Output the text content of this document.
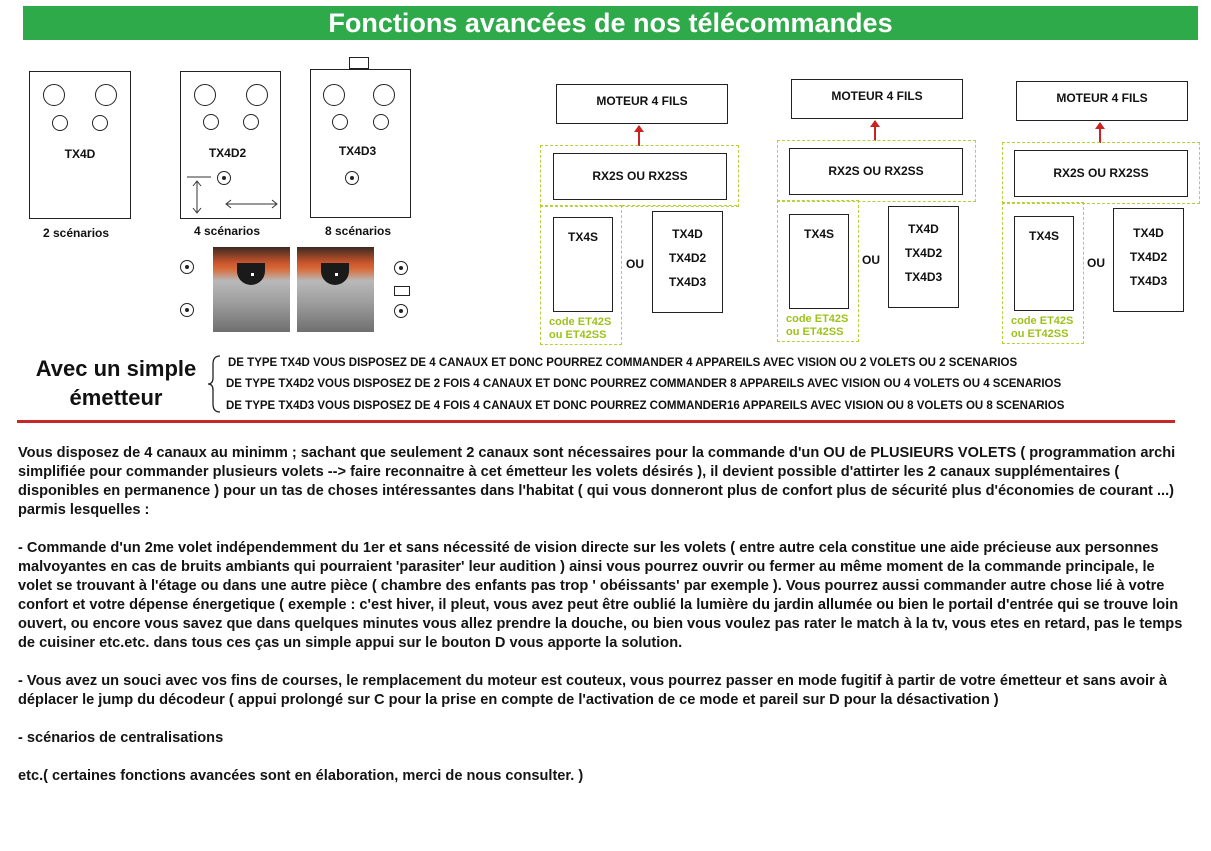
Fonctions avancées de nos télécommandes
TX4D
2 scénarios
TX4D2
4 scénarios
TX4D3
8 scénarios
MOTEUR 4 FILS
RX2S OU RX2SS
TX4S
code ET42S
ou ET42SS
OU
TX4D
TX4D2
TX4D3
MOTEUR 4 FILS
RX2S OU RX2SS
TX4S
code ET42S
ou ET42SS
OU
TX4D
TX4D2
TX4D3
MOTEUR 4 FILS
RX2S OU RX2SS
TX4S
code ET42S
ou ET42SS
OU
TX4D
TX4D2
TX4D3
Avec un simple
émetteur
DE TYPE TX4D VOUS DISPOSEZ DE 4 CANAUX ET DONC POURREZ COMMANDER 4 APPAREILS AVEC VISION OU 2 VOLETS OU 2 SCENARIOS
DE TYPE TX4D2 VOUS DISPOSEZ DE 2 FOIS 4 CANAUX ET DONC POURREZ COMMANDER 8 APPAREILS AVEC VISION OU 4 VOLETS OU 4 SCENARIOS
DE TYPE TX4D3 VOUS DISPOSEZ DE 4 FOIS 4 CANAUX ET DONC POURREZ COMMANDER16 APPAREILS AVEC VISION OU 8 VOLETS OU 8 SCENARIOS
Vous disposez de 4 canaux au minimm ; sachant que seulement 2 canaux sont nécessaires pour la commande d'un OU de PLUSIEURS VOLETS ( programmation archi simplifiée pour commander plusieurs volets --> faire reconnaitre à cet émetteur les volets désirés ), il devient possible d'attirter les 2 canaux supplémentaires ( disponibles en permanence ) pour un tas de choses intéressantes dans l'habitat ( qui vous donneront plus de confort plus de sécurité plus d'économies de courant ...) parmis lesquelles :
- Commande d'un 2me volet indépendemment du 1er et sans nécessité de vision directe sur les volets ( entre autre cela constitue une aide précieuse aux personnes malvoyantes en cas de bruits ambiants qui pourraient 'parasiter' leur audition ) ainsi vous pourrez ouvrir ou fermer au même moment de la commande principale, le volet se trouvant à l'étage ou dans une autre pièce ( chambre des enfants pas trop ' obéissants' par exemple ). Vous pourrez aussi commander autre chose lié à votre confort et votre dépense énergetique ( exemple : c'est hiver, il pleut, vous avez peut être oublié la lumière du jardin allumée ou bien le portail d'entrée qui se trouve loin ouvert, ou encore vous savez que dans quelques minutes vous allez prendre la douche, ou bien vous voulez pas rater le match à la tv, vous etes en retard, pas le temps de cuisiner etc.etc. dans tous ces ças un simple appui sur le bouton D vous apporte la solution.
- Vous avez un souci avec vos fins de courses, le remplacement du moteur est couteux, vous pourrez passer en mode fugitif à partir de votre émetteur et sans avoir à déplacer le jump du décodeur ( appui prolongé sur C pour la prise en compte de l'activation de ce mode et pareil sur D pour la désactivation )
- scénarios de centralisations
etc.( certaines fonctions avancées sont en élaboration, merci de nous consulter. )
